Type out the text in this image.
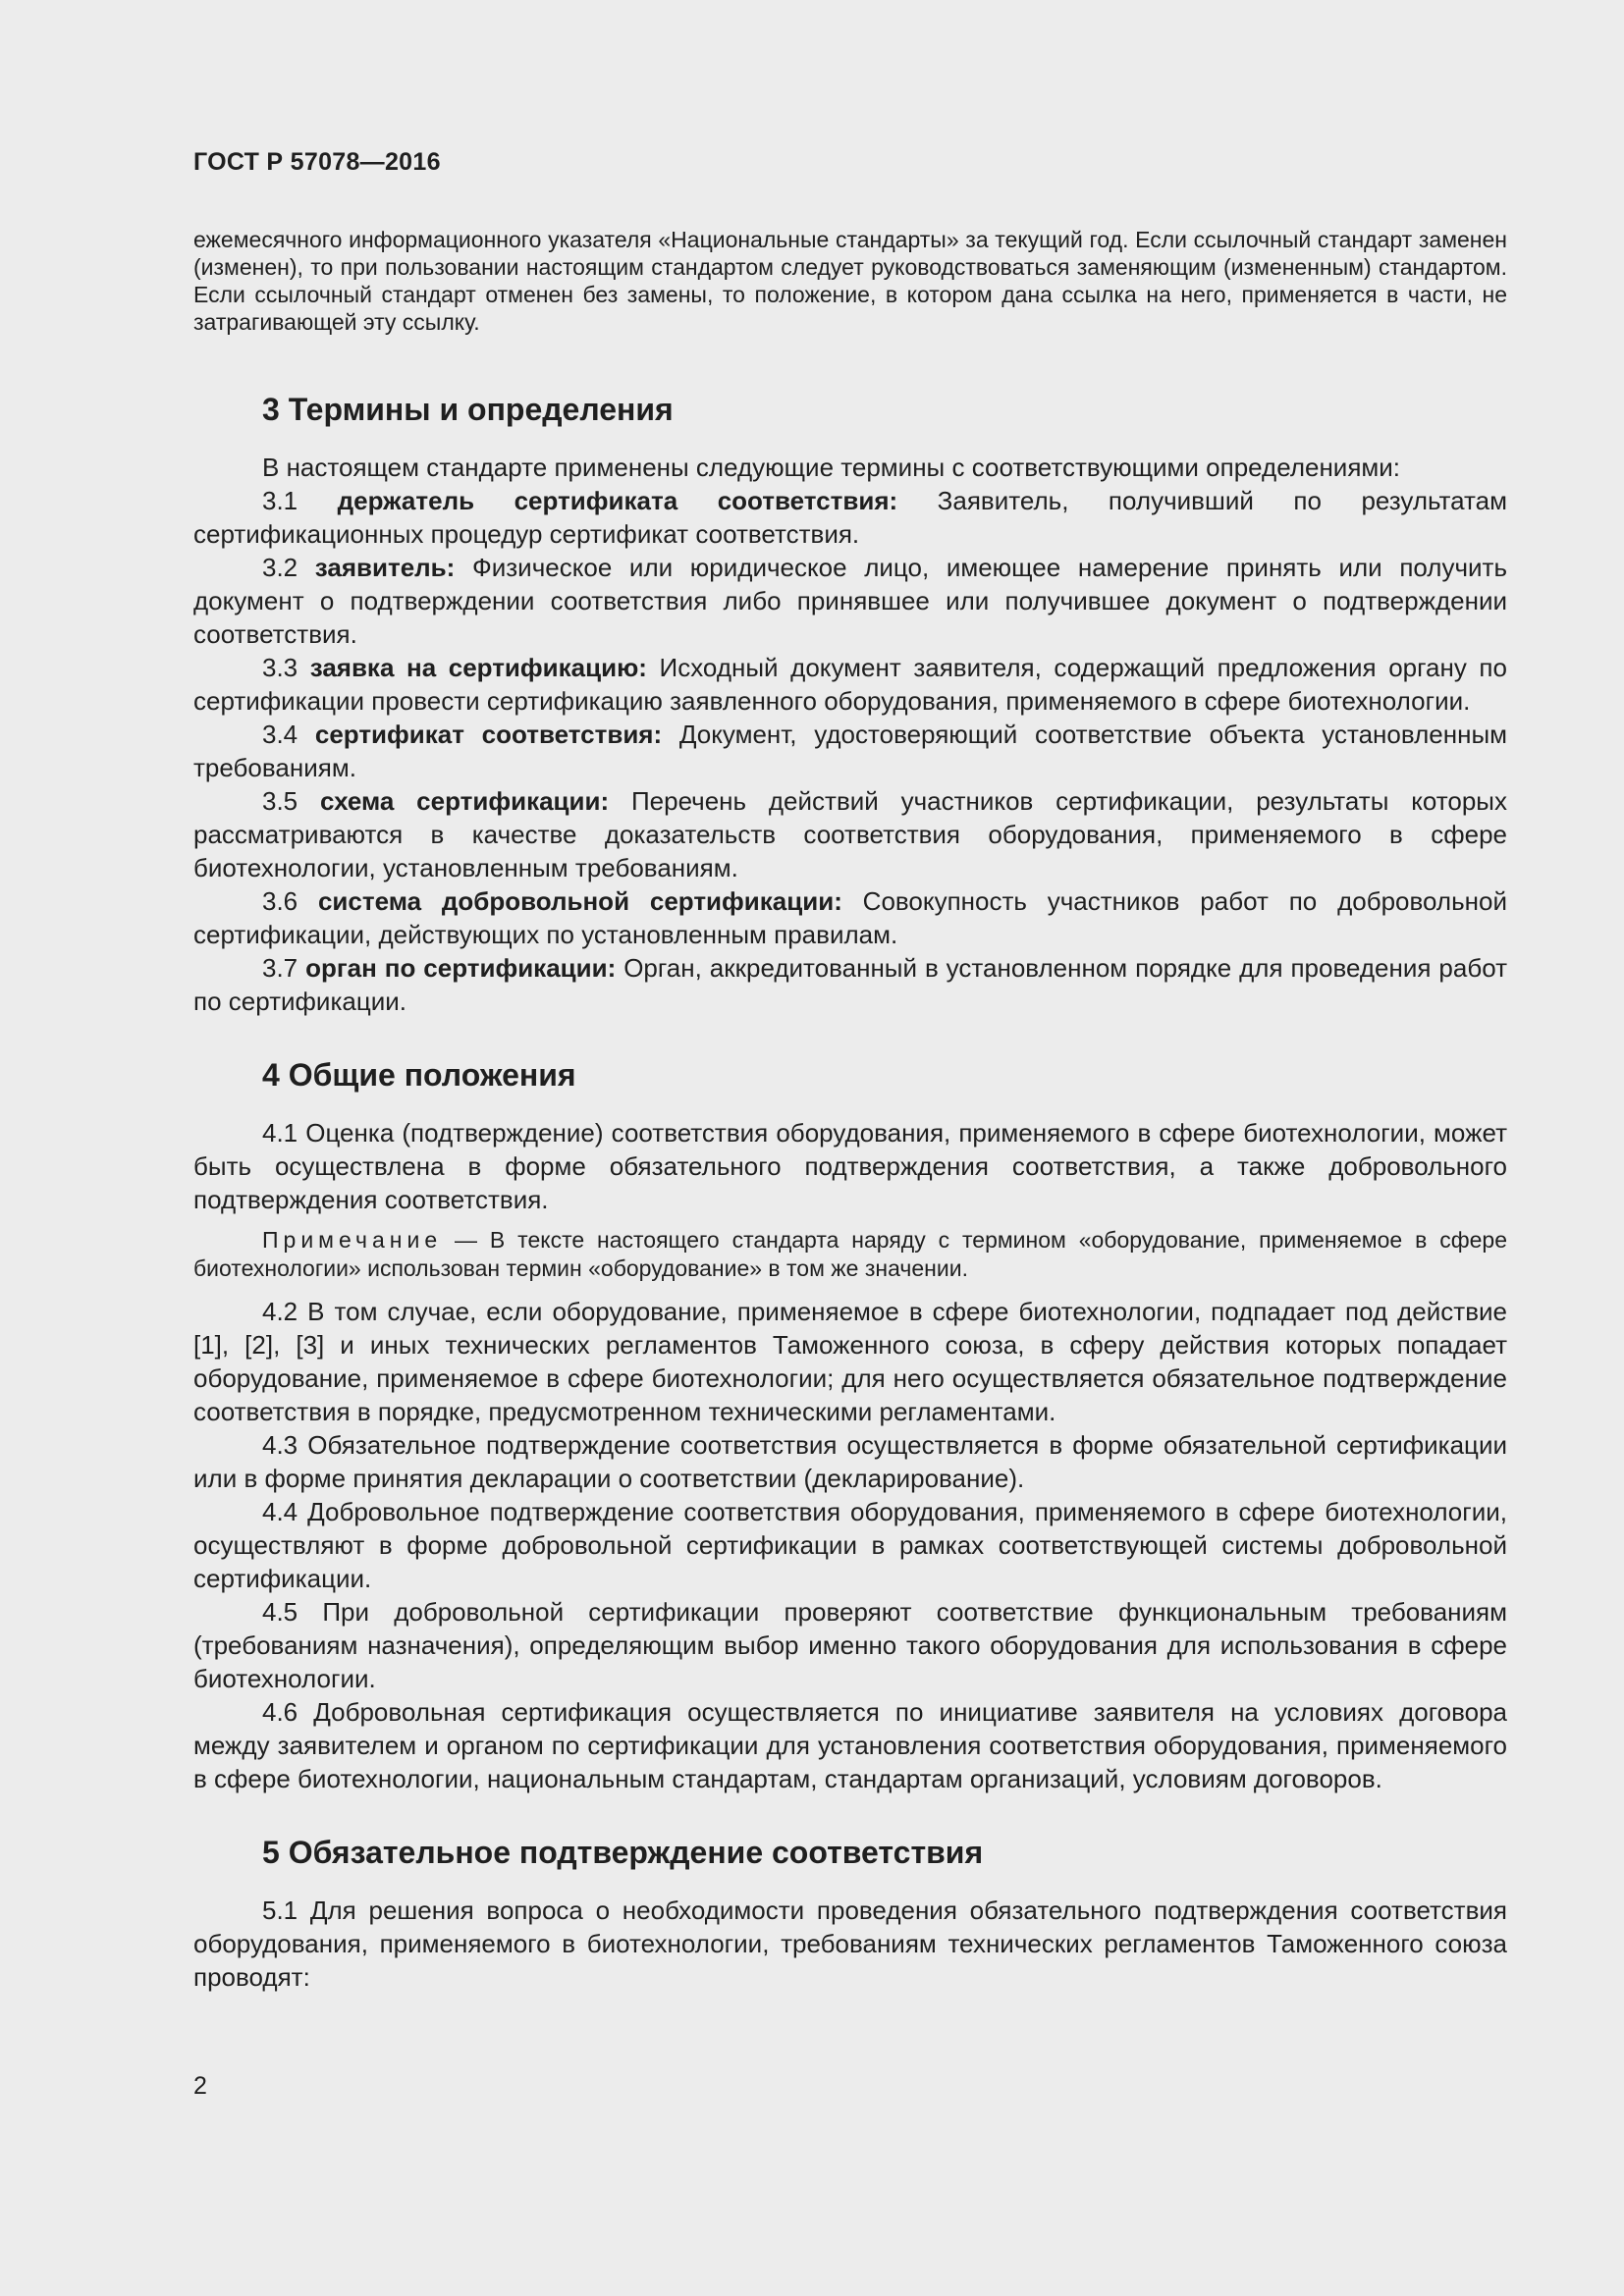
ГОСТ Р 57078—2016

ежемесячного информационного указателя «Национальные стандарты» за текущий год. Если ссылочный стандарт заменен (изменен), то при пользовании настоящим стандартом следует руководствоваться заменяющим (измененным) стандартом. Если ссылочный стандарт отменен без замены, то положение, в котором дана ссылка на него, применяется в части, не затрагивающей эту ссылку.

3 Термины и определения

В настоящем стандарте применены следующие термины с соответствующими определениями:

3.1 держатель сертификата соответствия: Заявитель, получивший по результатам сертификационных процедур сертификат соответствия.

3.2 заявитель: Физическое или юридическое лицо, имеющее намерение принять или получить документ о подтверждении соответствия либо принявшее или получившее документ о подтверждении соответствия.

3.3 заявка на сертификацию: Исходный документ заявителя, содержащий предложения органу по сертификации провести сертификацию заявленного оборудования, применяемого в сфере биотехнологии.

3.4 сертификат соответствия: Документ, удостоверяющий соответствие объекта установленным требованиям.

3.5 схема сертификации: Перечень действий участников сертификации, результаты которых рассматриваются в качестве доказательств соответствия оборудования, применяемого в сфере биотехнологии, установленным требованиям.

3.6 система добровольной сертификации: Совокупность участников работ по добровольной сертификации, действующих по установленным правилам.

3.7 орган по сертификации: Орган, аккредитованный в установленном порядке для проведения работ по сертификации.

4 Общие положения

4.1 Оценка (подтверждение) соответствия оборудования, применяемого в сфере биотехнологии, может быть осуществлена в форме обязательного подтверждения соответствия, а также добровольного подтверждения соответствия.

Примечание — В тексте настоящего стандарта наряду с термином «оборудование, применяемое в сфере биотехнологии» использован термин «оборудование» в том же значении.

4.2 В том случае, если оборудование, применяемое в сфере биотехнологии, подпадает под действие [1], [2], [3] и иных технических регламентов Таможенного союза, в сферу действия которых попадает оборудование, применяемое в сфере биотехнологии; для него осуществляется обязательное подтверждение соответствия в порядке, предусмотренном техническими регламентами.

4.3 Обязательное подтверждение соответствия осуществляется в форме обязательной сертификации или в форме принятия декларации о соответствии (декларирование).

4.4 Добровольное подтверждение соответствия оборудования, применяемого в сфере биотехнологии, осуществляют в форме добровольной сертификации в рамках соответствующей системы добровольной сертификации.

4.5 При добровольной сертификации проверяют соответствие функциональным требованиям (требованиям назначения), определяющим выбор именно такого оборудования для использования в сфере биотехнологии.

4.6 Добровольная сертификация осуществляется по инициативе заявителя на условиях договора между заявителем и органом по сертификации для установления соответствия оборудования, применяемого в сфере биотехнологии, национальным стандартам, стандартам организаций, условиям договоров.

5 Обязательное подтверждение соответствия

5.1 Для решения вопроса о необходимости проведения обязательного подтверждения соответствия оборудования, применяемого в биотехнологии, требованиям технических регламентов Таможенного союза проводят:

2
